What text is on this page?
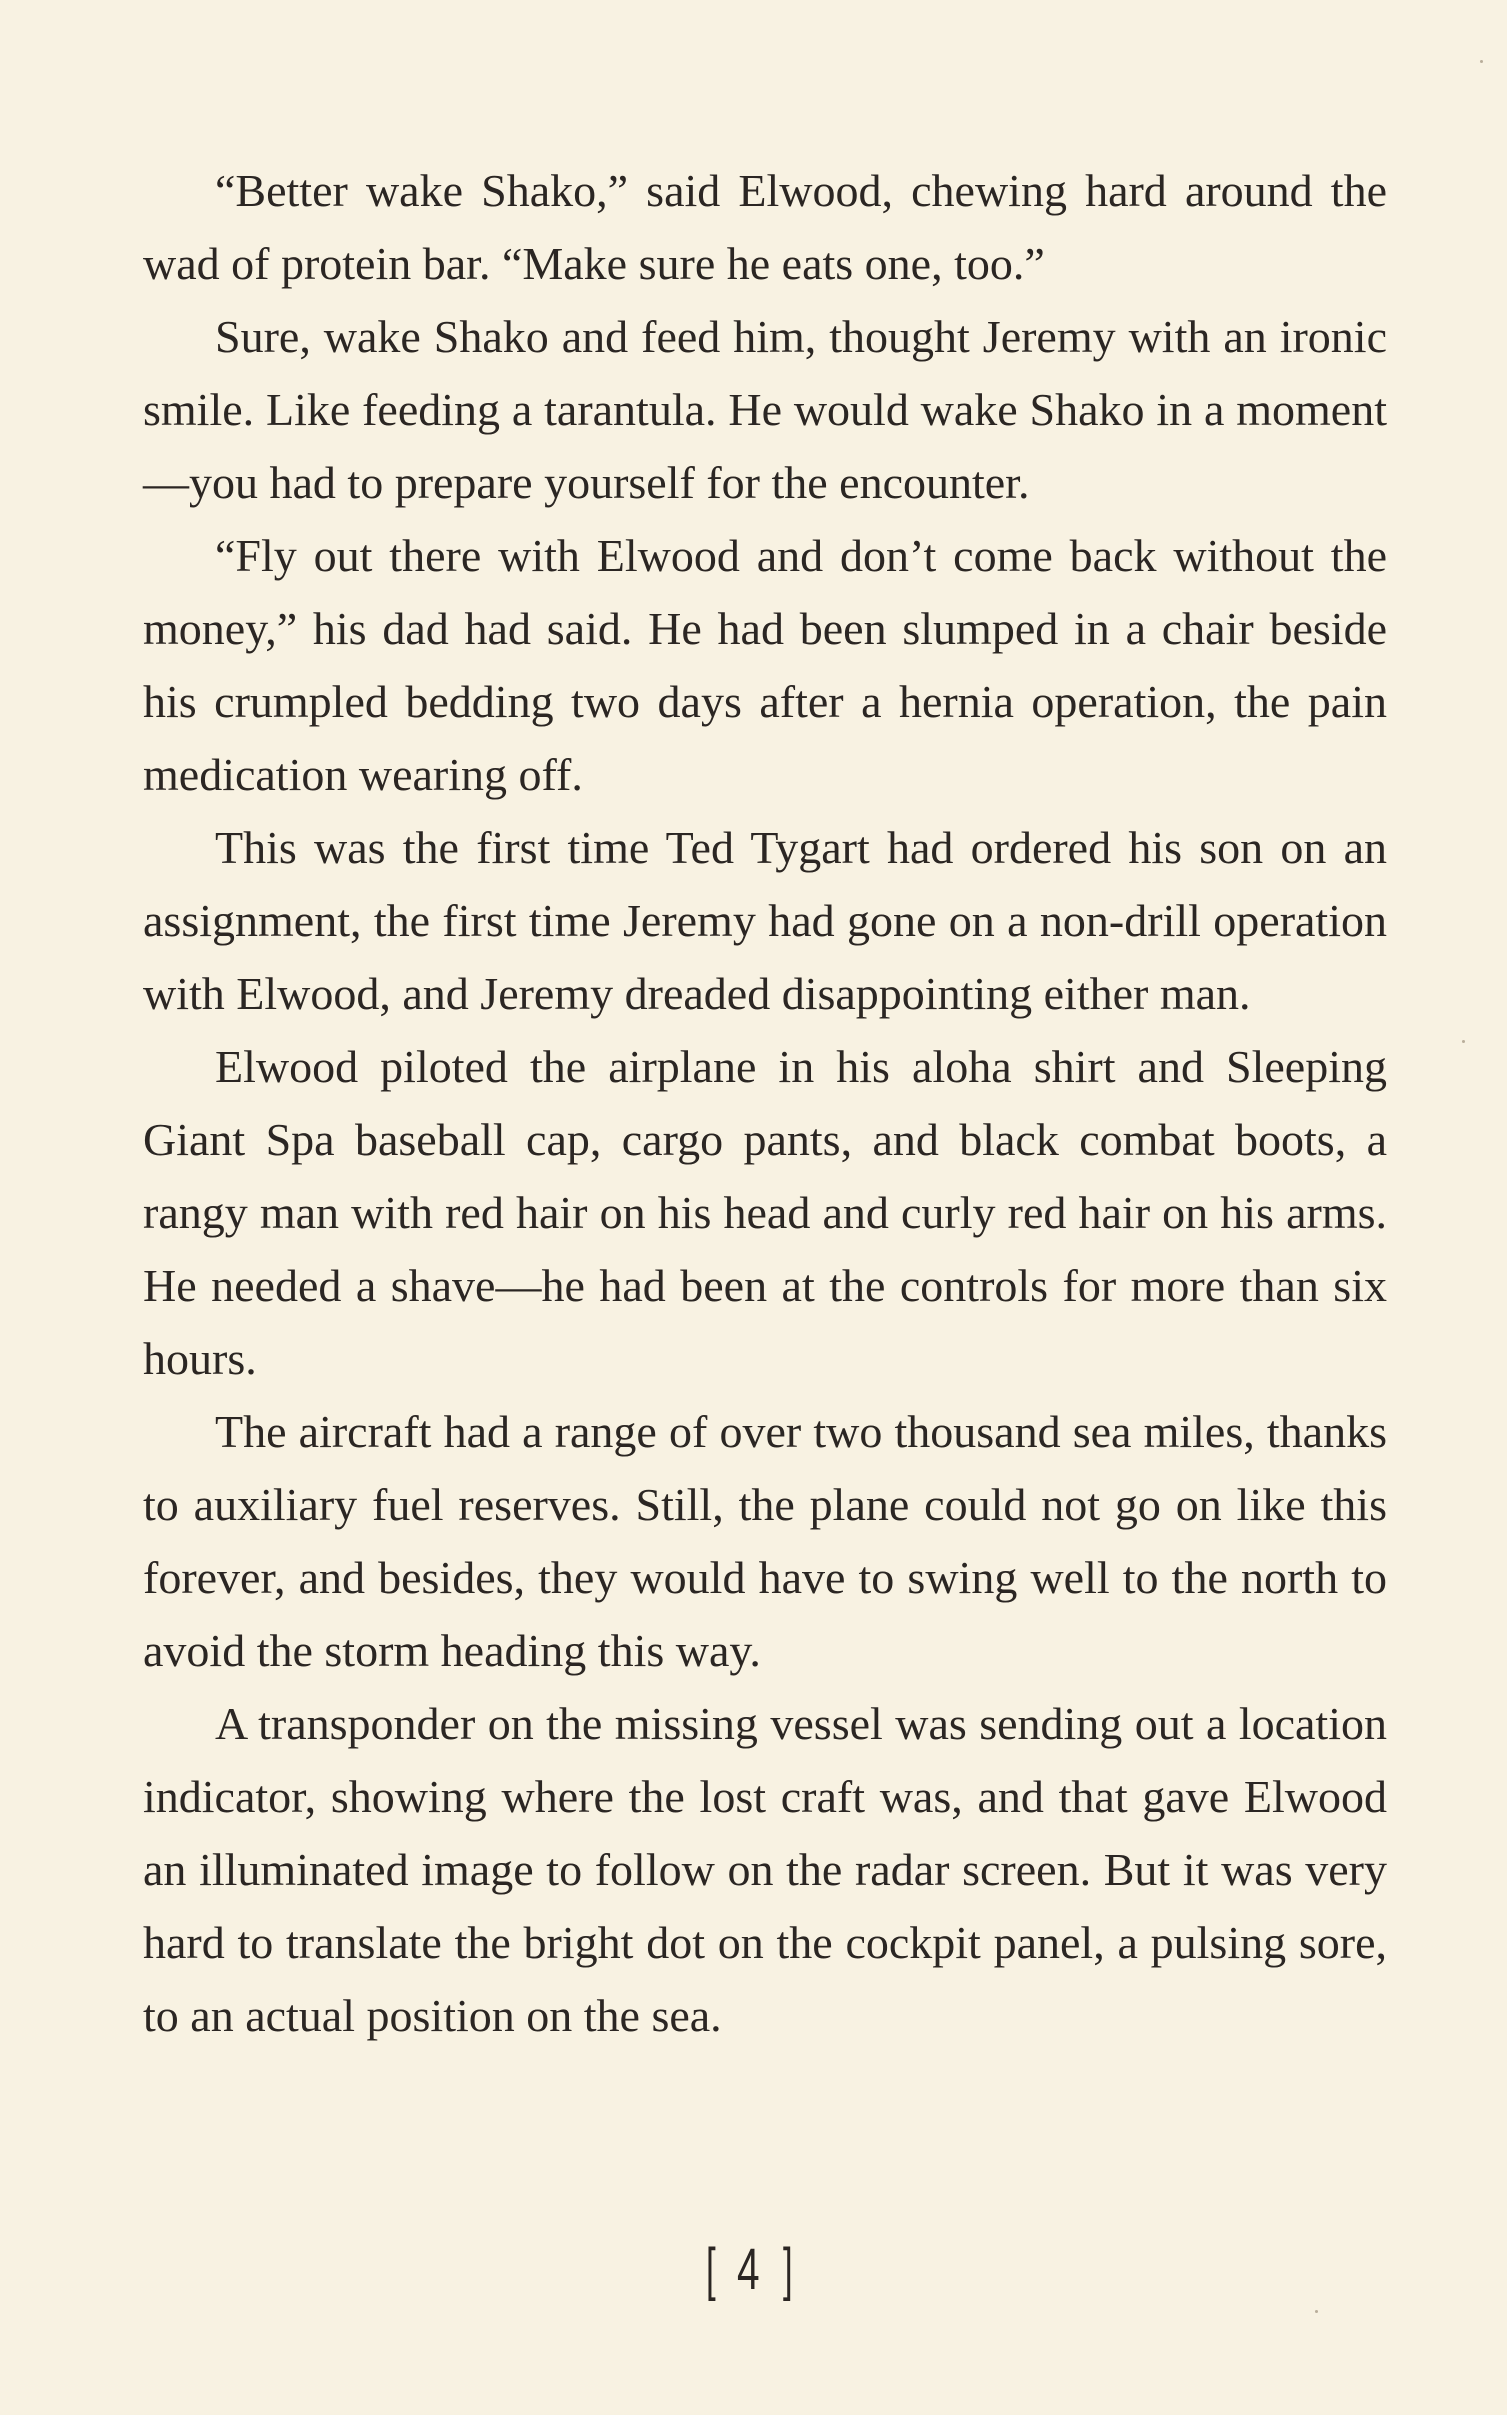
“Better wake Shako,” said Elwood, chewing hard around the wad of protein bar. “Make sure he eats one, too.”

Sure, wake Shako and feed him, thought Jeremy with an ironic smile. Like feeding a tarantula. He would wake Shako in a moment—you had to prepare yourself for the encounter.

“Fly out there with Elwood and don’t come back without the money,” his dad had said. He had been slumped in a chair beside his crumpled bedding two days after a hernia operation, the pain medication wearing off.

This was the first time Ted Tygart had ordered his son on an assignment, the first time Jeremy had gone on a non-drill operation with Elwood, and Jeremy dreaded disappointing either man.

Elwood piloted the airplane in his aloha shirt and Sleeping Giant Spa baseball cap, cargo pants, and black combat boots, a rangy man with red hair on his head and curly red hair on his arms. He needed a shave—he had been at the controls for more than six hours.

The aircraft had a range of over two thousand sea miles, thanks to auxiliary fuel reserves. Still, the plane could not go on like this forever, and besides, they would have to swing well to the north to avoid the storm heading this way.

A transponder on the missing vessel was sending out a location indicator, showing where the lost craft was, and that gave Elwood an illuminated image to follow on the radar screen. But it was very hard to translate the bright dot on the cockpit panel, a pulsing sore, to an actual position on the sea.

[ 4 ]
